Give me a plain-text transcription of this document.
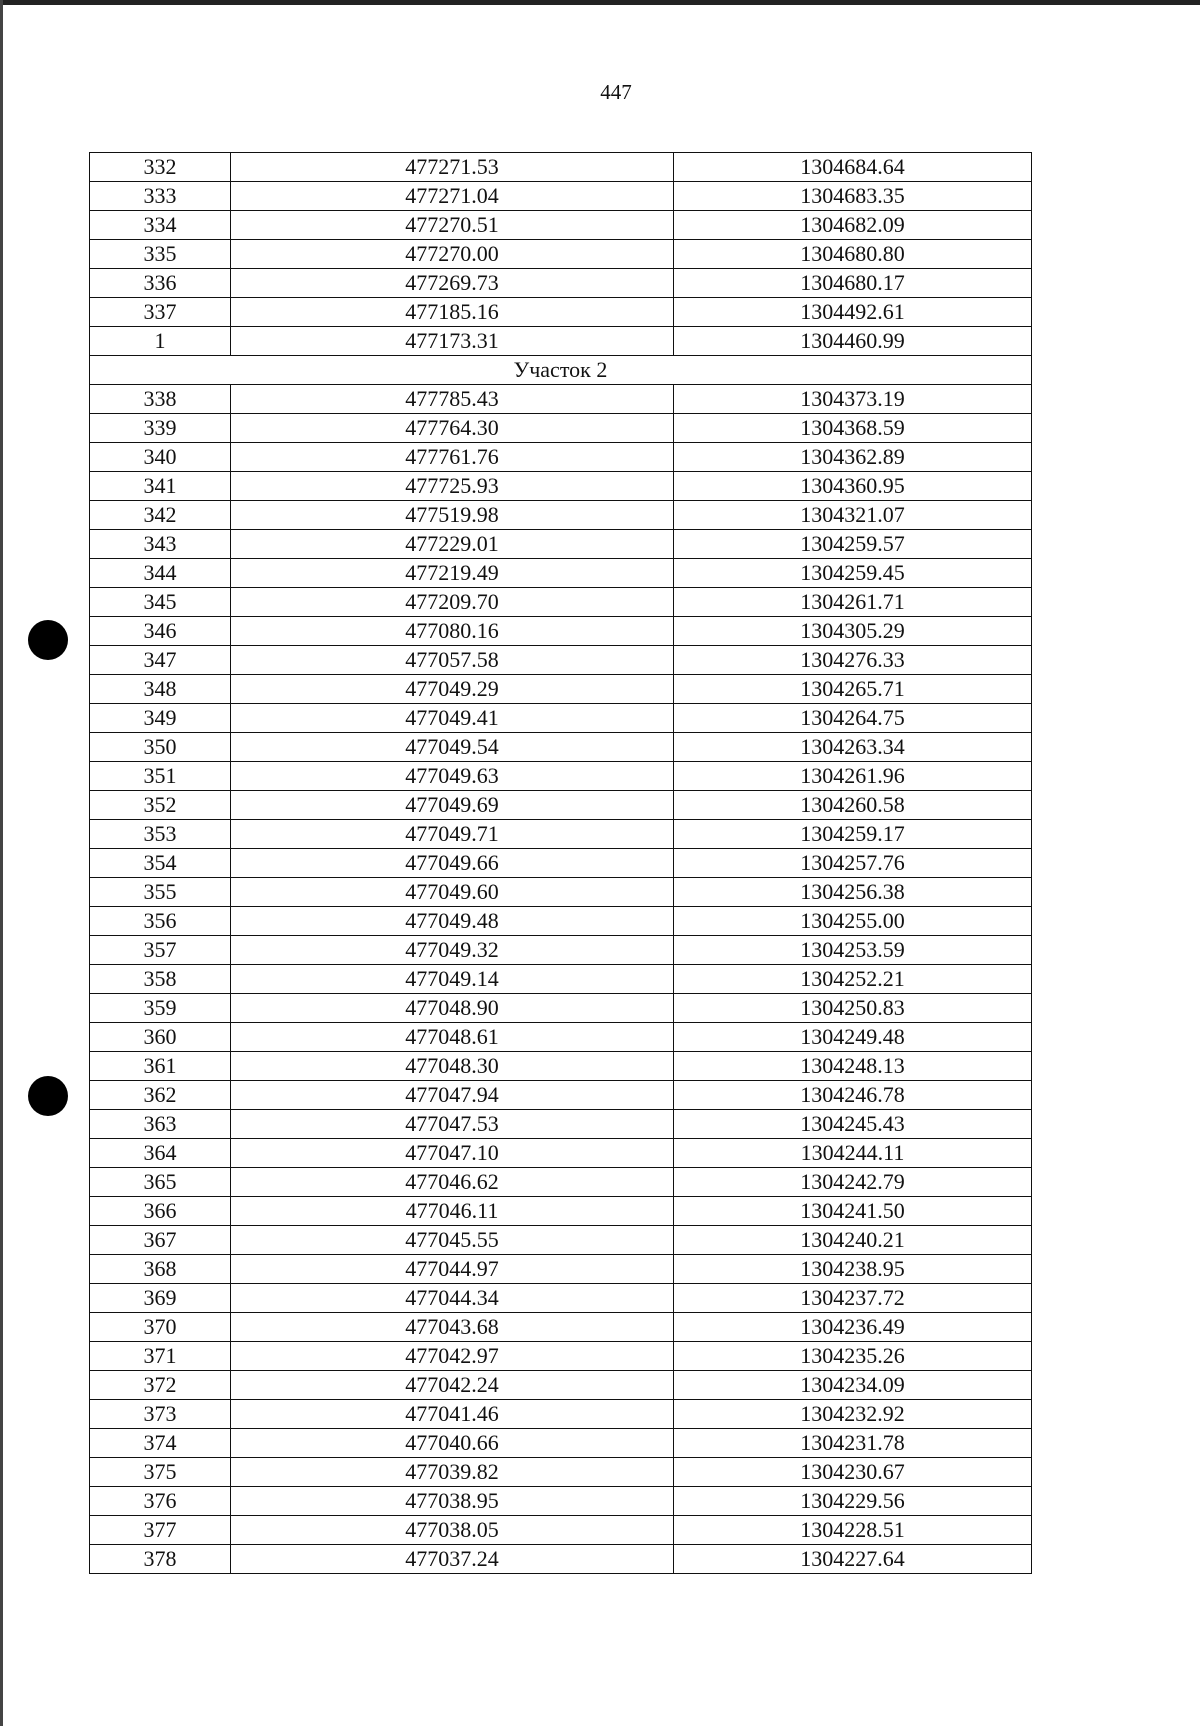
447
332	477271.53	1304684.64
333	477271.04	1304683.35
334	477270.51	1304682.09
335	477270.00	1304680.80
336	477269.73	1304680.17
337	477185.16	1304492.61
1	477173.31	1304460.99
Участок 2		
338	477785.43	1304373.19
339	477764.30	1304368.59
340	477761.76	1304362.89
341	477725.93	1304360.95
342	477519.98	1304321.07
343	477229.01	1304259.57
344	477219.49	1304259.45
345	477209.70	1304261.71
346	477080.16	1304305.29
347	477057.58	1304276.33
348	477049.29	1304265.71
349	477049.41	1304264.75
350	477049.54	1304263.34
351	477049.63	1304261.96
352	477049.69	1304260.58
353	477049.71	1304259.17
354	477049.66	1304257.76
355	477049.60	1304256.38
356	477049.48	1304255.00
357	477049.32	1304253.59
358	477049.14	1304252.21
359	477048.90	1304250.83
360	477048.61	1304249.48
361	477048.30	1304248.13
362	477047.94	1304246.78
363	477047.53	1304245.43
364	477047.10	1304244.11
365	477046.62	1304242.79
366	477046.11	1304241.50
367	477045.55	1304240.21
368	477044.97	1304238.95
369	477044.34	1304237.72
370	477043.68	1304236.49
371	477042.97	1304235.26
372	477042.24	1304234.09
373	477041.46	1304232.92
374	477040.66	1304231.78
375	477039.82	1304230.67
376	477038.95	1304229.56
377	477038.05	1304228.51
378	477037.24	1304227.64
